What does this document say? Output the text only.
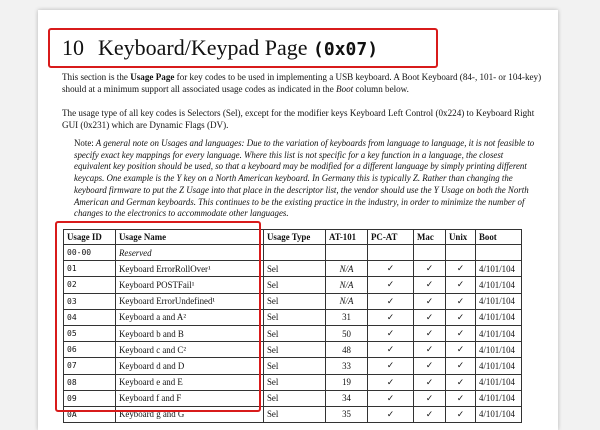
10 Keyboard/Keypad Page (0x07)
This section is the Usage Page for key codes to be used in implementing a USB keyboard. A Boot Keyboard (84-, 101- or 104-key) should at a minimum support all associated usage codes as indicated in the Boot column below.
The usage type of all key codes is Selectors (Sel), except for the modifier keys Keyboard Left Control (0x224) to Keyboard Right GUI (0x231) which are Dynamic Flags (DV).
Note: A general note on Usages and languages: Due to the variation of keyboards from language to language, it is not feasible to specify exact key mappings for every language. Where this list is not specific for a key function in a language, the closest equivalent key position should be used, so that a keyboard may be modified for a different language by simply printing different keycaps. One example is the Y key on a North American keyboard. In Germany this is typically Z. Rather than changing the keyboard firmware to put the Z Usage into that place in the descriptor list, the vendor should use the Y Usage on both the North American and German keyboards. This continues to be the existing practice in the industry, in order to minimize the number of changes to the electronics to accommodate other languages.
Usage ID	Usage Name	Usage Type	AT-101	PC-AT	Mac	Unix	Boot
00-00	Reserved						
01	Keyboard ErrorRollOver¹	Sel	N/A	✓	✓	✓	4/101/104
02	Keyboard POSTFail¹	Sel	N/A	✓	✓	✓	4/101/104
03	Keyboard ErrorUndefined¹	Sel	N/A	✓	✓	✓	4/101/104
04	Keyboard a and A²	Sel	31	✓	✓	✓	4/101/104
05	Keyboard b and B	Sel	50	✓	✓	✓	4/101/104
06	Keyboard c and C²	Sel	48	✓	✓	✓	4/101/104
07	Keyboard d and D	Sel	33	✓	✓	✓	4/101/104
08	Keyboard e and E	Sel	19	✓	✓	✓	4/101/104
09	Keyboard f and F	Sel	34	✓	✓	✓	4/101/104
0A	Keyboard g and G	Sel	35	✓	✓	✓	4/101/104
